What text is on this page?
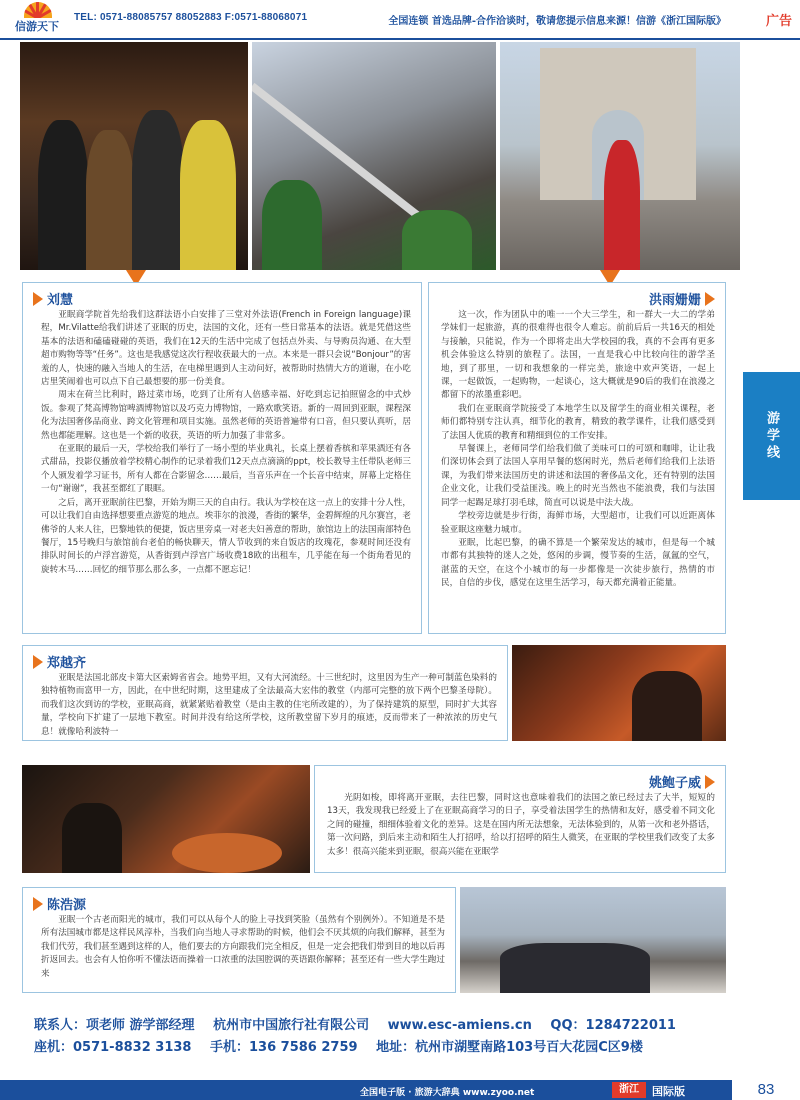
信游天下
TEL: 0571-88085757 88052883 F:0571-88068071	全国连锁 首选品牌-合作洽谈时，敬请您提示信息来源！信游《浙江国际版》	广告
游学线
刘慧

亚眠商学院首先给我们这群法语小白安排了三堂对外法语(French in Foreign language)课程，Mr.Vilatte给我们讲述了亚眠的历史，法国的文化，还有一些日常基本的法语。就是凭借这些基本的法语和磕磕碰碰的英语，我们在12天的生活中完成了包括点外卖、与导购员沟通、在大型超市购物等等“任务”。这也是我感觉这次行程收获最大的一点。本来是一群只会说“Bonjour”的害羞的人，快速的融入当地人的生活，在电梯里遇到人主动问好，被帮助时热情大方的道谢，在小吃店里笑闹着也可以点下自己最想要的那一份美食。

周末在荷兰比利时，路过菜市场，吃到了让所有人倍感幸福、好吃到忘记拍照留念的中式炒饭。参观了梵高博物馆啤酒博物馆以及巧克力博物馆，一路欢歌笑语。新的一周回到亚眠，课程深化为法国奢侈品商业、跨文化管理和项目实施。虽然老师的英语普遍带有口音，但只要认真听，居然也都能理解。这也是一个新的收获，英语的听力加强了非常多。

在亚眠的最后一天，学校给我们举行了一场小型的毕业典礼，长桌上摆着香槟和苹果酒还有各式甜品，投影仪播放着学校精心制作的记录着我们12天点点滴滴的ppt，校长教导主任带队老师三个人颁发着学习证书，所有人都在合影留念……最后，当音乐声在一个长音中结束，屏幕上定格住一句“谢谢”，我甚至都红了眼眶。

之后，离开亚眠前往巴黎，开始为期三天的自由行。我认为学校在这一点上的安排十分人性，可以让我们自由选择想要重点游览的地点。埃菲尔的浪漫，香街的繁华，金碧辉煌的凡尔赛宫，老佛爷的人来人往，巴黎地铁的便捷，饭店里旁桌一对老夫妇善意的帮助，旅馆边上的法国南部特色餐厅，15号晚归与旅馆前台老伯的畅快聊天，情人节收到的来自饭店的玫瑰花，参观时间还没有排队时间长的卢浮宫游览，从香街到卢浮宫广场收费18欧的出租车，几乎能在每一个街角看见的旋转木马……回忆的细节那么那么多，一点都不愿忘记！

洪雨姗姗

这一次，作为团队中的唯一一个大三学生，和一群大一大二的学弟学妹们一起旅游，真的很难得也很令人难忘。前前后后一共16天的相处与接触，只能说，作为一个即将走出大学校园的我，真的不会再有更多机会体验这么特别的旅程了。法国，一直是我心中比较向往的游学圣地，到了那里，一切和我想象的一样完美，旅途中欢声笑语，一起上课，一起做饭，一起购物，一起谈心，这大概就是90后的我们在浪漫之都留下的浓墨重彩吧。

我们在亚眠商学院接受了本地学生以及留学生的商业相关课程，老师们都特别专注认真，细节化的教育，精致的教学课件，让我们感受到了法国人优质的教育和精细到位的工作安排。

早餐课上，老师同学们给我们做了美味可口的可颂和咖啡，让让我们深切体会到了法国人享用早餐的悠闲时光，然后老师们给我们上法语课，为我们带来法国历史的讲述和法国的奢侈品文化，还有特别的法国企业文化，让我们受益匪浅。晚上的时光当然也不能浪费，我们与法国同学一起踢足球打羽毛球，简直可以说是中法大战。

学校旁边就是步行街，海鲜市场，大型超市，让我们可以近距离体验亚眠这座魅力城市。

亚眠，比起巴黎，的确不算是一个繁荣发达的城市，但是每一个城市都有其独特的迷人之处，悠闲的步调，慢节奏的生活，氤氲的空气，湛蓝的天空，在这个小城市的每一步都像是一次徒步旅行，热情的市民，自信的步伐，感觉在这里生活学习，每天都充满着正能量。

郑越齐

亚眠是法国北部皮卡第大区索姆省省会。地势平坦，又有大河流经。十三世纪时，这里因为生产一种可制蓝色染料的独特植物而富甲一方，因此，在中世纪时期，这里建成了全法最高大宏伟的教堂（内部可完整的放下两个巴黎圣母院）。而我们这次到访的学校，亚眠高商，就紧紧贴着教堂（是由主教的住宅所改建的），为了保持建筑的原型，同时扩大其容量，学校向下扩建了一层地下教室。时间并没有给这所学校，这所教堂留下岁月的痕迹，反而带来了一种浓浓的历史气息！就像哈利波特一

姚鲍子威

光阴如梭，即将离开亚眠，去往巴黎，同时这也意味着我们的法国之旅已经过去了大半，短短的13天，我发现我已经爱上了在亚眠高商学习的日子，享受着法国学生的热情和友好，感受着不同文化之间的碰撞，细细体验着文化的差异。这是在国内所无法想象，无法体验到的，从第一次和老外搭话，第一次问路，到后来主动和陌生人打招呼，给以打招呼的陌生人微笑，在亚眠的学校里我们改变了太多太多！很高兴能来到亚眠，很高兴能在亚眠学

陈浩源

亚眠一个古老而阳光的城市，我们可以从每个人的脸上寻找到笑脸（虽然有个别例外）。不知道是不是所有法国城市都是这样民风淳朴，当我们向当地人寻求帮助的时候，他们会不厌其烦的向我们解释，甚至为我们代劳，我们甚至遇到这样的人，他们要去的方向跟我们完全相反，但是一定会把我们带到目的地以后再折返回去。也会有人怕你听不懂法语而操着一口浓重的法国腔调的英语跟你解释；甚至还有一些大学生跑过来

联系人：项老师 游学部经理 杭州市中国旅行社有限公司 www.esc-amiens.cn QQ：1284722011
座机：0571-8832 3138 手机：136 7586 2759 地址：杭州市湖墅南路103号百大花园C区9楼
全国电子版 · 旅游大辞典 www.zyoo.net	浙江	国际版	83
